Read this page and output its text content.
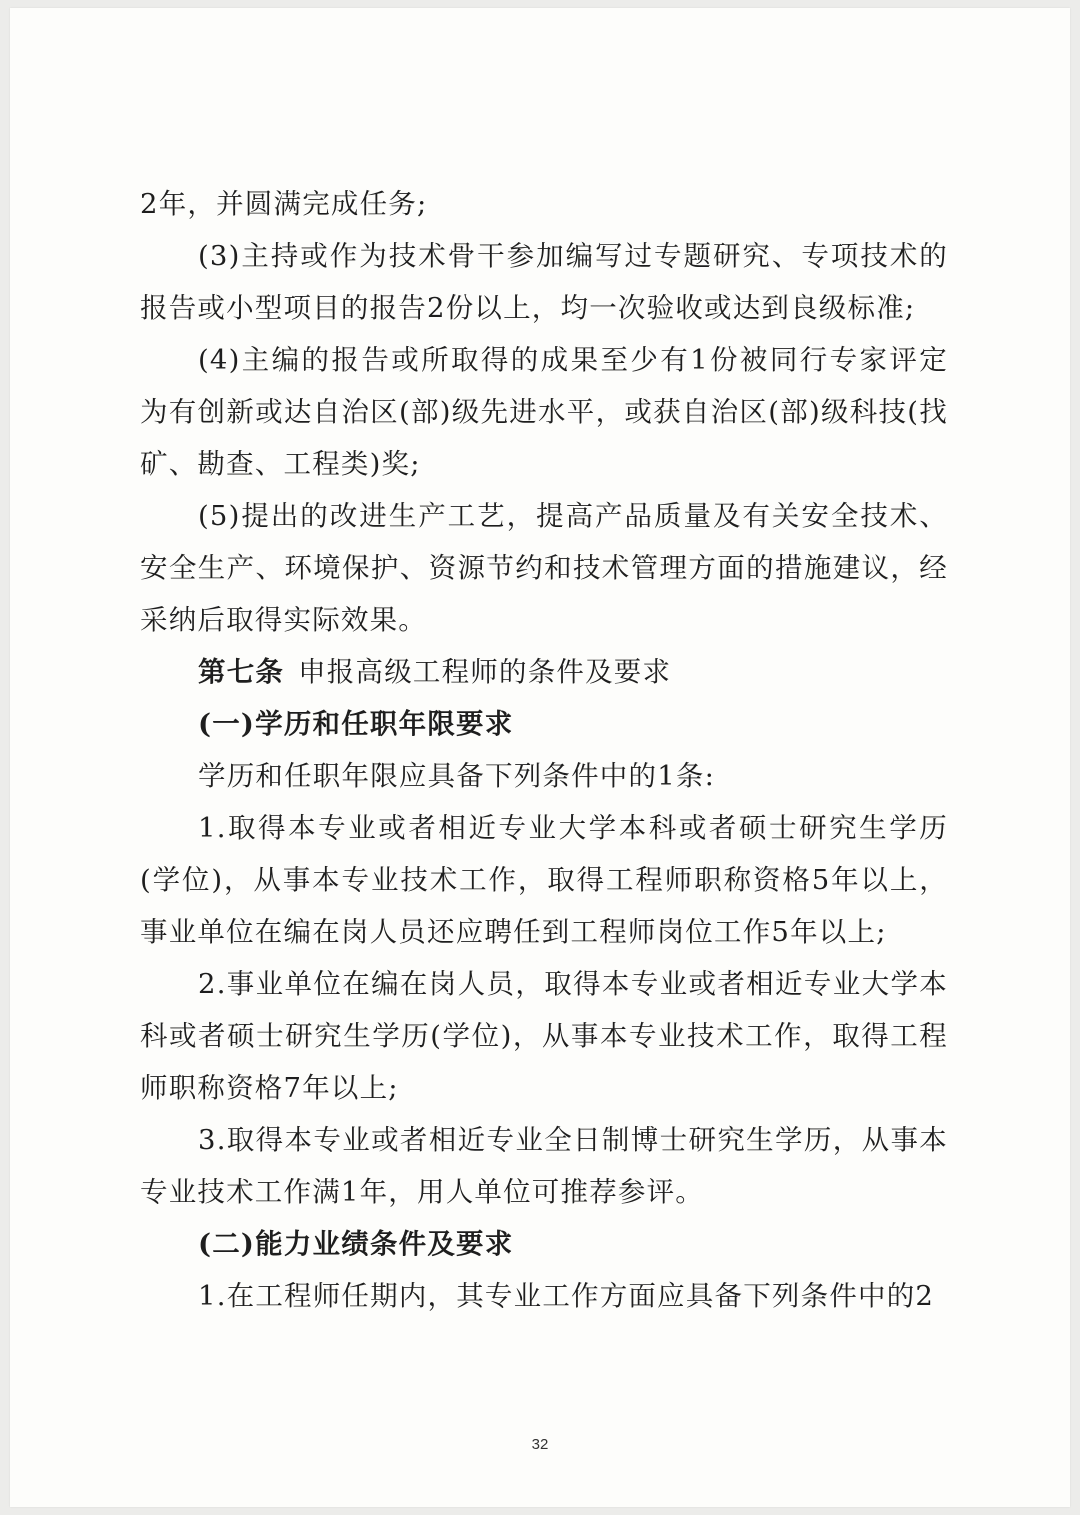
2年，并圆满完成任务;

(3)主持或作为技术骨干参加编写过专题研究、专项技术的报告或小型项目的报告2份以上，均一次验收或达到良级标准;

(4)主编的报告或所取得的成果至少有1份被同行专家评定为有创新或达自治区(部)级先进水平，或获自治区(部)级科技(找矿、勘查、工程类)奖;

(5)提出的改进生产工艺，提高产品质量及有关安全技术、安全生产、环境保护、资源节约和技术管理方面的措施建议，经采纳后取得实际效果。

第七条 申报高级工程师的条件及要求

(一)学历和任职年限要求

学历和任职年限应具备下列条件中的1条:

1.取得本专业或者相近专业大学本科或者硕士研究生学历(学位)，从事本专业技术工作，取得工程师职称资格5年以上，事业单位在编在岗人员还应聘任到工程师岗位工作5年以上;

2.事业单位在编在岗人员，取得本专业或者相近专业大学本科或者硕士研究生学历(学位)，从事本专业技术工作，取得工程师职称资格7年以上;

3.取得本专业或者相近专业全日制博士研究生学历，从事本专业技术工作满1年，用人单位可推荐参评。

(二)能力业绩条件及要求

1.在工程师任期内，其专业工作方面应具备下列条件中的2

32
